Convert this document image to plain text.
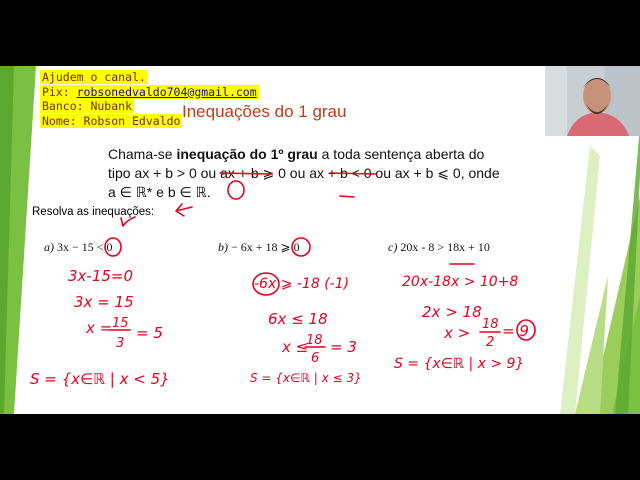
Ajudem o canal.
Pix: robsonedvaldo704@gmail.com
Banco: Nubank
Nome: Robson Edvaldo Inequações do 1 grau
Chama-se inequação do 1º grau a toda sentença aberta do tipo ax + b > 0 ou ax + b ⩾ 0 ou ax + b < 0 ou ax + b ⩽ 0, onde a ∈ ℝ* e b ∈ ℝ.
Resolva as inequações:
a) 3x − 15 < 0	b) − 6x + 18 ⩾ 0	c) 20x - 8 > 18x + 10
3x-15=0
3x = 15
x = 15
3
= 5
S = {x∈ℝ | x < 5}
-6x ⩾ -18 (-1)
6x ≤ 18
x ≤
18
6
= 3
S = {x∈ℝ | x ≤ 3}
20x-18x > 10+8
2x > 18
x > 18
2
= 9
S = {x∈ℝ | x > 9}
